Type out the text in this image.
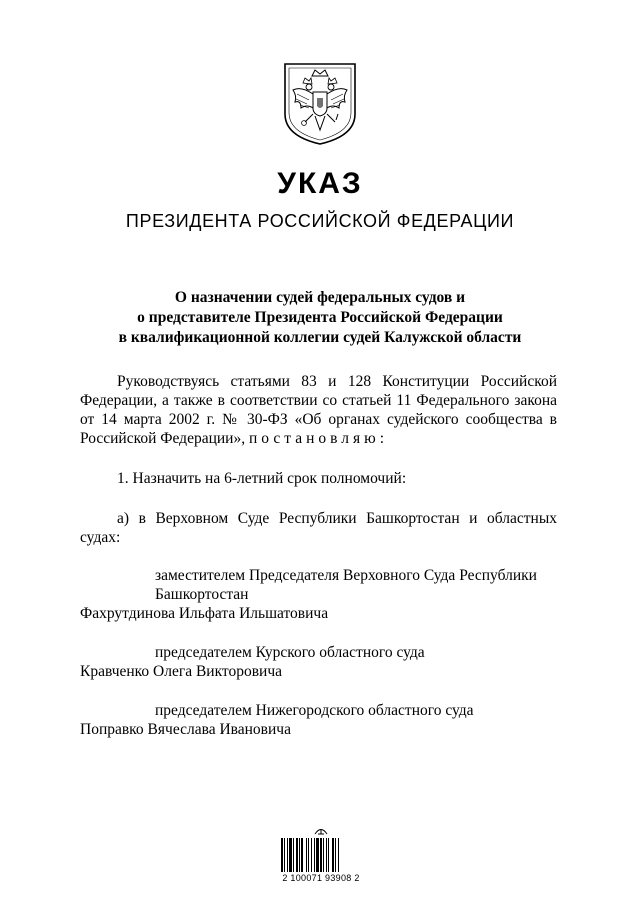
УКАЗ
ПРЕЗИДЕНТА РОССИЙСКОЙ ФЕДЕРАЦИИ
О назначении судей федеральных судов и
о представителе Президента Российской Федерации
в квалификационной коллегии судей Калужской области
Руководствуясь статьями 83 и 128 Конституции Российской Федерации, а также в соответствии со статьей 11 Федерального закона от 14 марта 2002 г. № 30-ФЗ «Об органах судейского сообщества в Российской Федерации», постановляю:
1. Назначить на 6-летний срок полномочий:
а) в Верховном Суде Республики Башкортостан и областных судах:
заместителем Председателя Верховного Суда Республики Башкортостан
Фахрутдинова Ильфата Ильшатовича
председателем Курского областного суда
Кравченко Олега Викторовича
председателем Нижегородского областного суда
Поправко Вячеслава Ивановича
2 100071 93908 2
